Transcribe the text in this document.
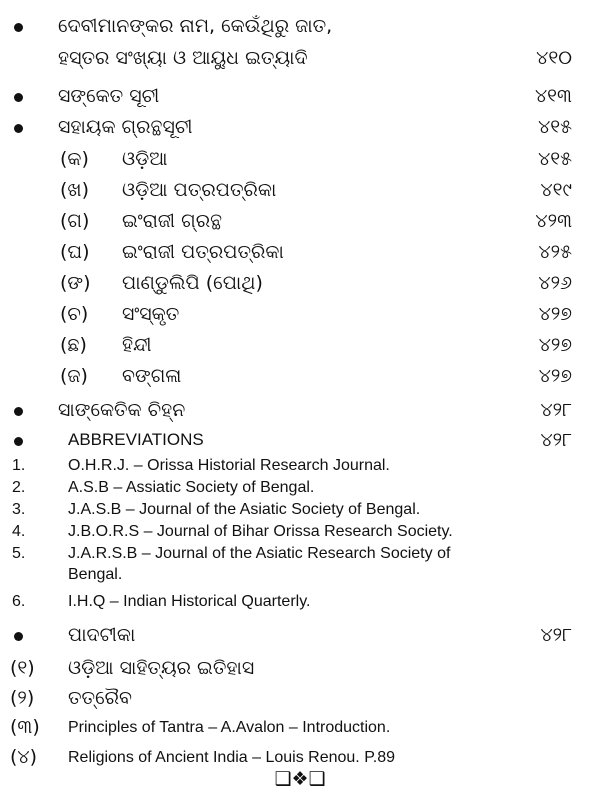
ଦେବୀମାନଙ୍କର ନାମ, କେଉଁଥିରୁ ଜାତ,
ହସ୍ତର ସଂଖ୍ୟା ଓ ଆୟୁଧ ଇତ୍ୟାଦି	୪୧୦
ସଙ୍କେତ ସୂଚୀ	୪୧୩
ସହାୟକ ଗ୍ରନ୍ଥସୂଚୀ	୪୧୫
(କ) ଓଡ଼ିଆ	୪୧୫
(ଖ) ଓଡ଼ିଆ ପତ୍ରପତ୍ରିକା	୪୧୯
(ଗ) ଇଂରାଜୀ ଗ୍ରନ୍ଥ	୪୨୩
(ଘ) ଇଂରାଜୀ ପତ୍ରପତ୍ରିକା	୪୨୫
(ଙ) ପାଣ୍ଡୁଲିପି (ପୋଥି)	୪୨୬
(ଚ) ସଂସ୍କୃତ	୪୨୭
(ଛ) ହିନ୍ଦୀ	୪୨୭
(ଜ) ବଙ୍ଗଳା	୪୨୭
ସାଙ୍କେତିକ ଚିହ୍ନ	୪୨୮
ABBREVIATIONS	୪୨୮
1.	O.H.R.J. – Orissa Historial Research Journal.
2.	A.S.B – Assiatic Society of Bengal.
3.	J.A.S.B – Journal of the Asiatic Society of Bengal.
4.	J.B.O.R.S – Journal of Bihar Orissa Research Society.
5.	J.A.R.S.B – Journal of the Asiatic Research Society of
Bengal.
6.	I.H.Q – Indian Historical Quarterly.
ପାଦଟୀକା	୪୨୮
(୧) ଓଡ଼ିଆ ସାହିତ୍ୟର ଇତିହାସ
(୨) ତତ୍ରୈବ
(୩) Principles of Tantra – A.Avalon – Introduction.
(୪) Religions of Ancient India – Louis Renou. P.89
❑❖❑
